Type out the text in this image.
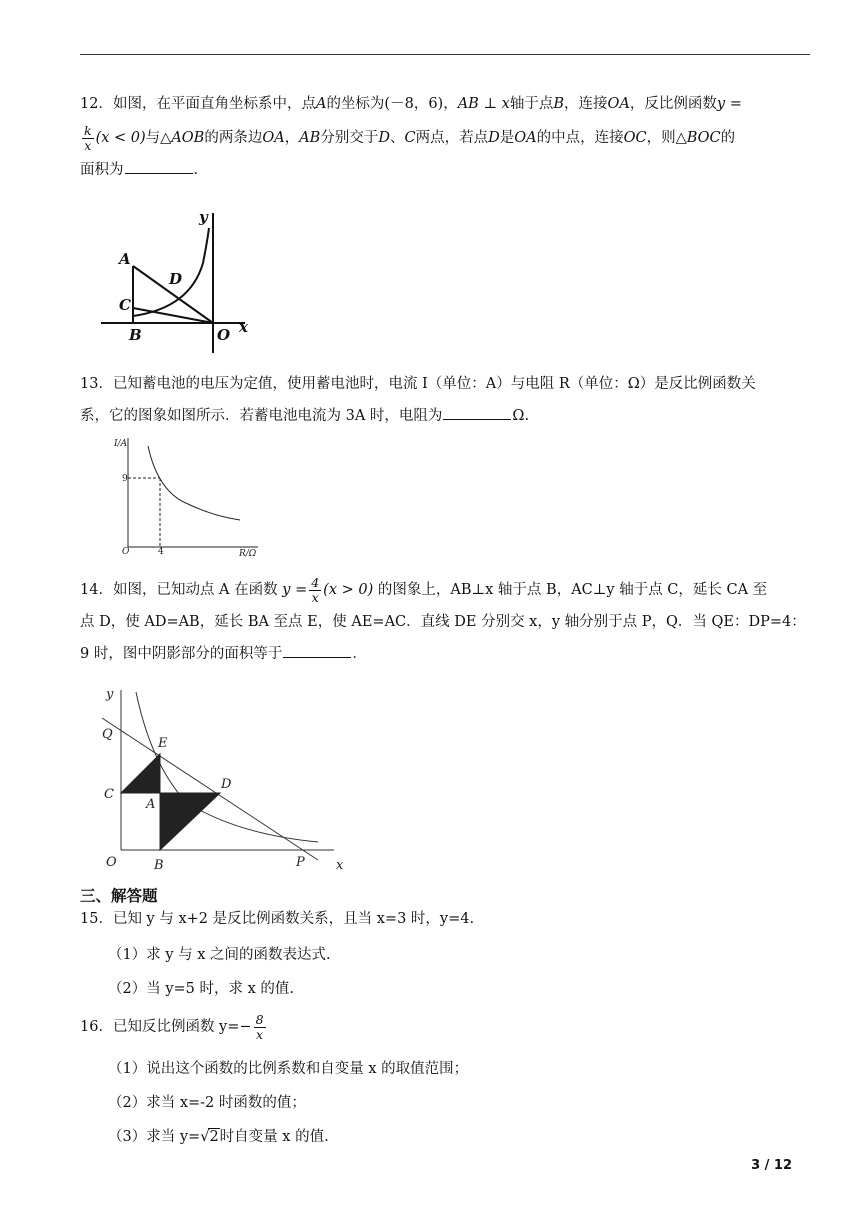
12．如图，在平面直角坐标系中，点A的坐标为(－8，6)，AB ⊥ x轴于点B，连接OA，反比例函数y =
$\frac{k}{x} (x < 0)$与△AOB的两条边OA，AB分别交于D、C两点，若点D是OA的中点，连接OC，则△BOC的
面积为	．
y
A
D
C
B	O x
13．已知蓄电池的电压为定值，使用蓄电池时，电流 I（单位：A）与电阻 R（单位：Ω）是反比例函数关
系，它的图象如图所示．若蓄电池电流为 3A 时，电阻为	Ω.
I/A
9
O	4	R/Ω
14．如图，已知动点 A 在函数 $y = \frac{4}{x} (x > 0)$ 的图象上，AB⊥x 轴于点 B，AC⊥y 轴于点 C，延长 CA 至
点 D，使 AD=AB，延长 BA 至点 E，使 AE=AC．直线 DE 分别交 x，y 轴分别于点 P，Q．当 QE：DP=4：
9 时，图中阴影部分的面积等于	．
y
Q
E
D
C
A
O	B	P x
三、解答题
15．已知 y 与 x+2 是反比例函数关系，且当 x=3 时，y=4.
（1）求 y 与 x 之间的函数表达式.
（2）当 y=5 时，求 x 的值.
16．已知反比例函数 $y=- \frac{8}{x}$
（1）说出这个函数的比例系数和自变量 x 的取值范围；
（2）求当 x=-2 时函数的值；
（3）求当 y=√2时自变量 x 的值.
3 / 12
